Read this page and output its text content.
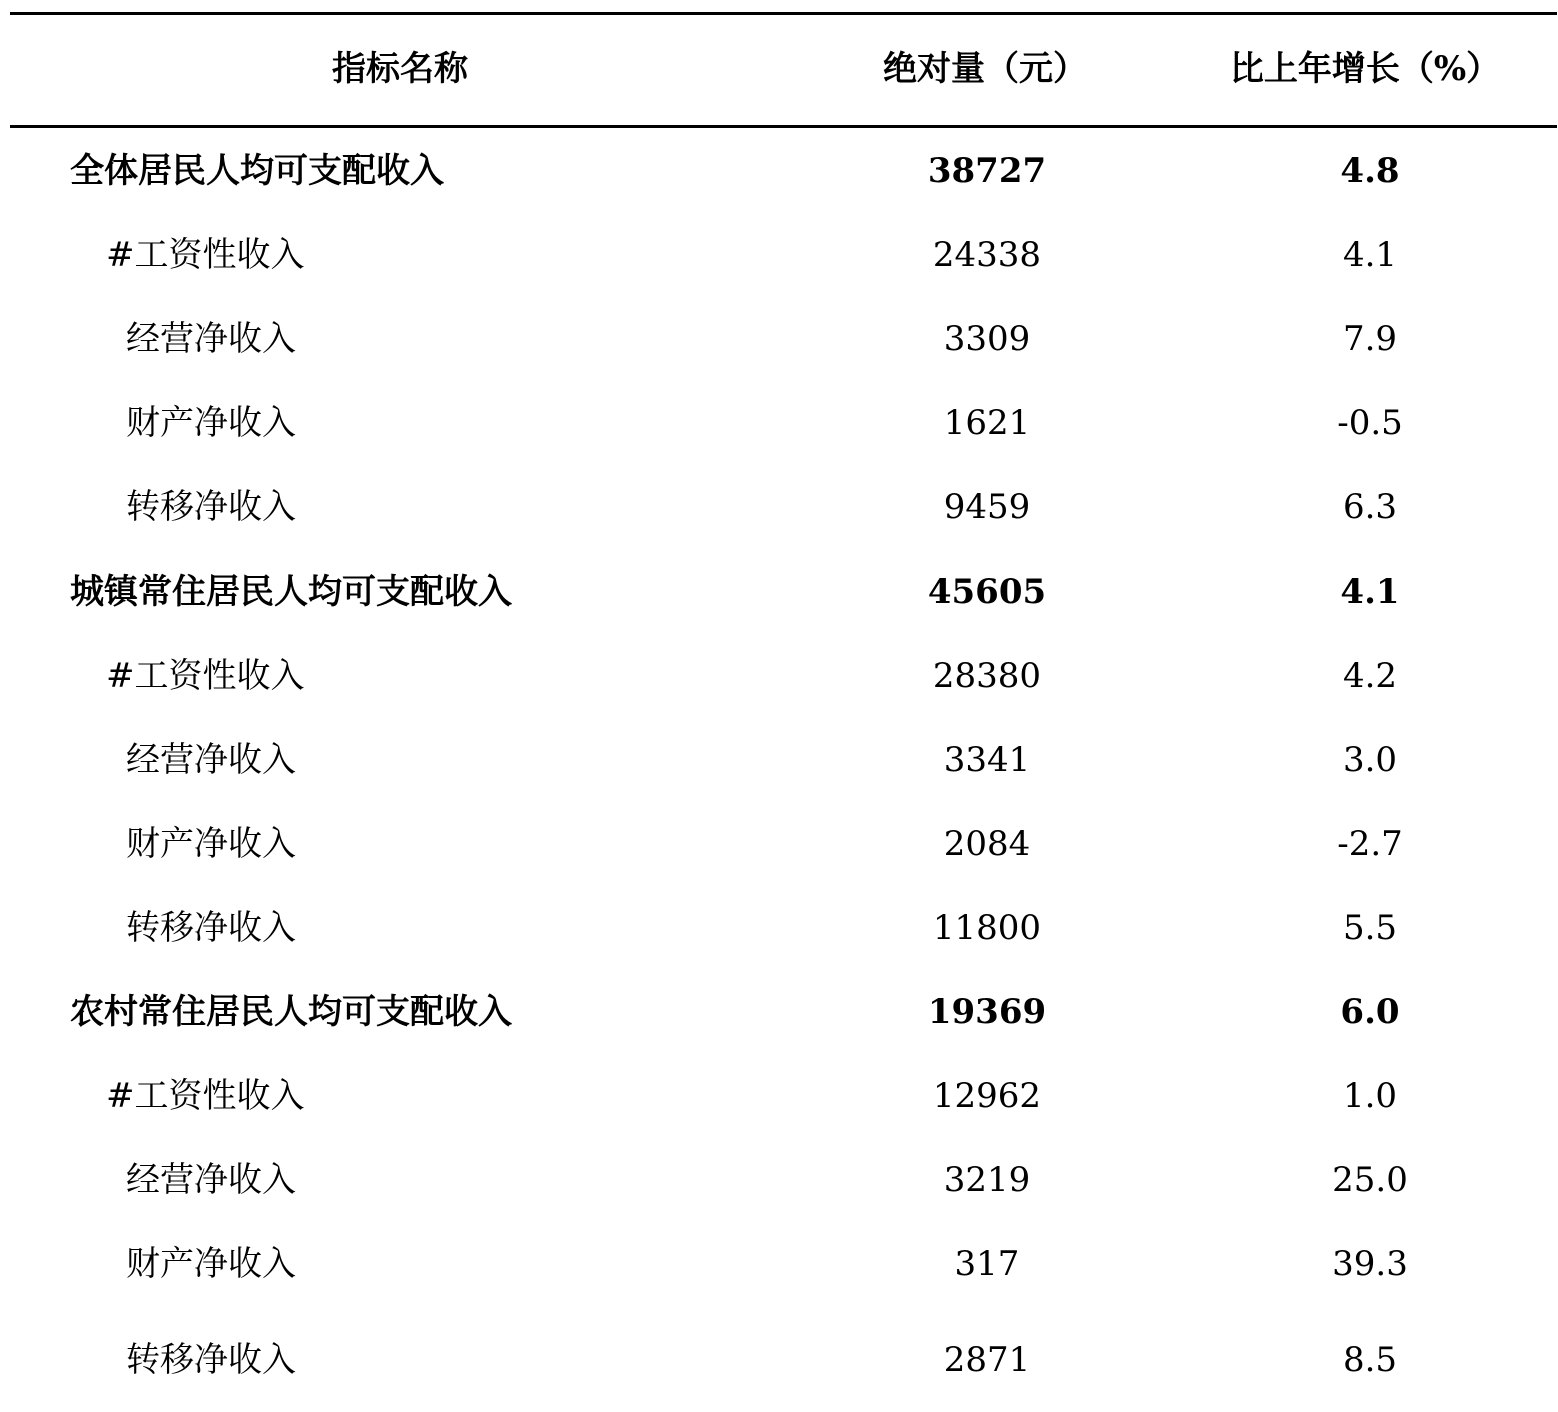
指标名称	绝对量（元）	比上年增长（%）
全体居民人均可支配收入	38727	4.8
#工资性收入	24338	4.1
经营净收入	3309	7.9
财产净收入	1621	-0.5
转移净收入	9459	6.3
城镇常住居民人均可支配收入	45605	4.1
#工资性收入	28380	4.2
经营净收入	3341	3.0
财产净收入	2084	-2.7
转移净收入	11800	5.5
农村常住居民人均可支配收入	19369	6.0
#工资性收入	12962	1.0
经营净收入	3219	25.0
财产净收入	317	39.3
转移净收入	2871	8.5
